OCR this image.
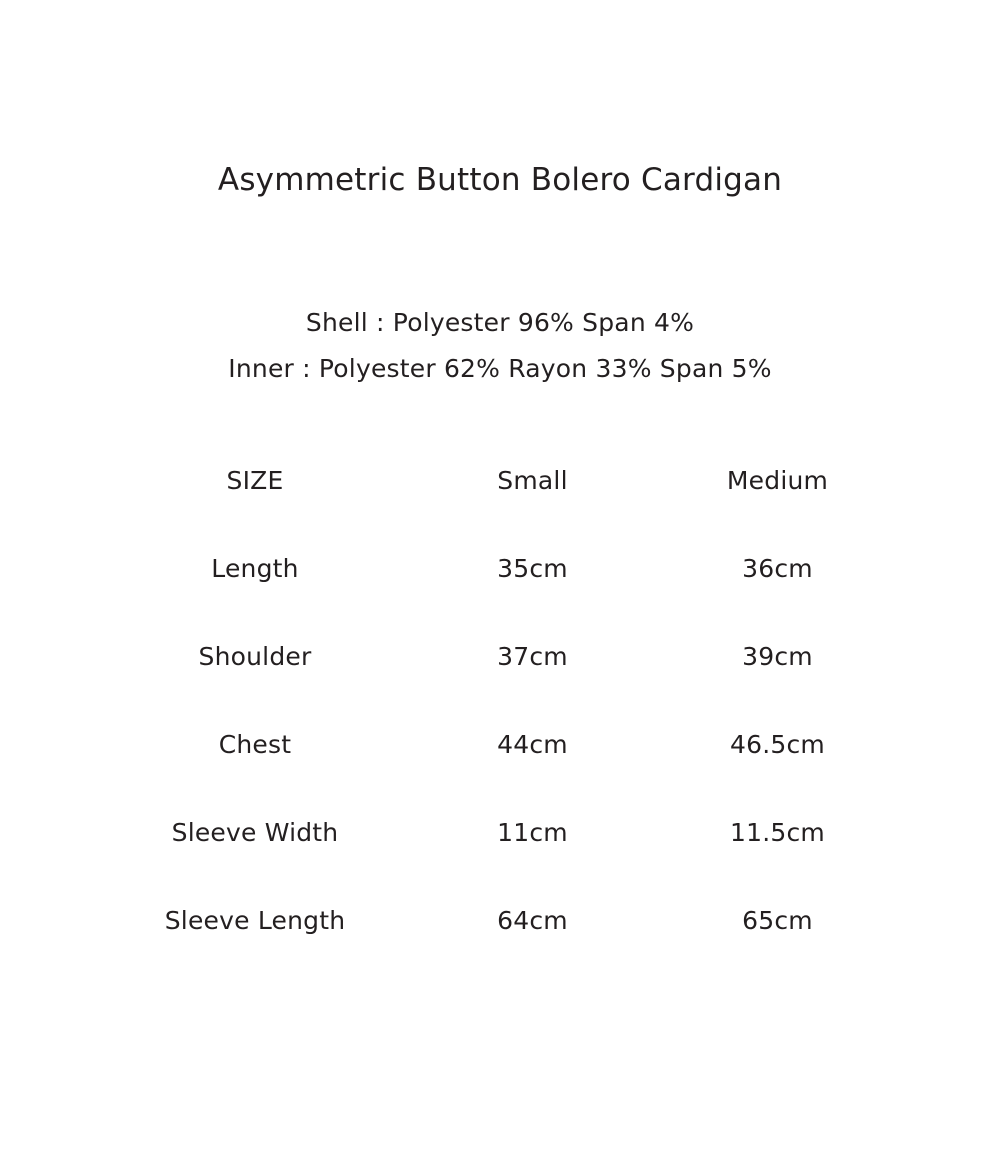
Asymmetric Button Bolero Cardigan
Shell : Polyester 96% Span 4%
Inner : Polyester 62% Rayon 33% Span 5%
SIZE	Small	Medium
Length	35cm	36cm
Shoulder	37cm	39cm
Chest	44cm	46.5cm
Sleeve Width	11cm	11.5cm
Sleeve Length	64cm	65cm
